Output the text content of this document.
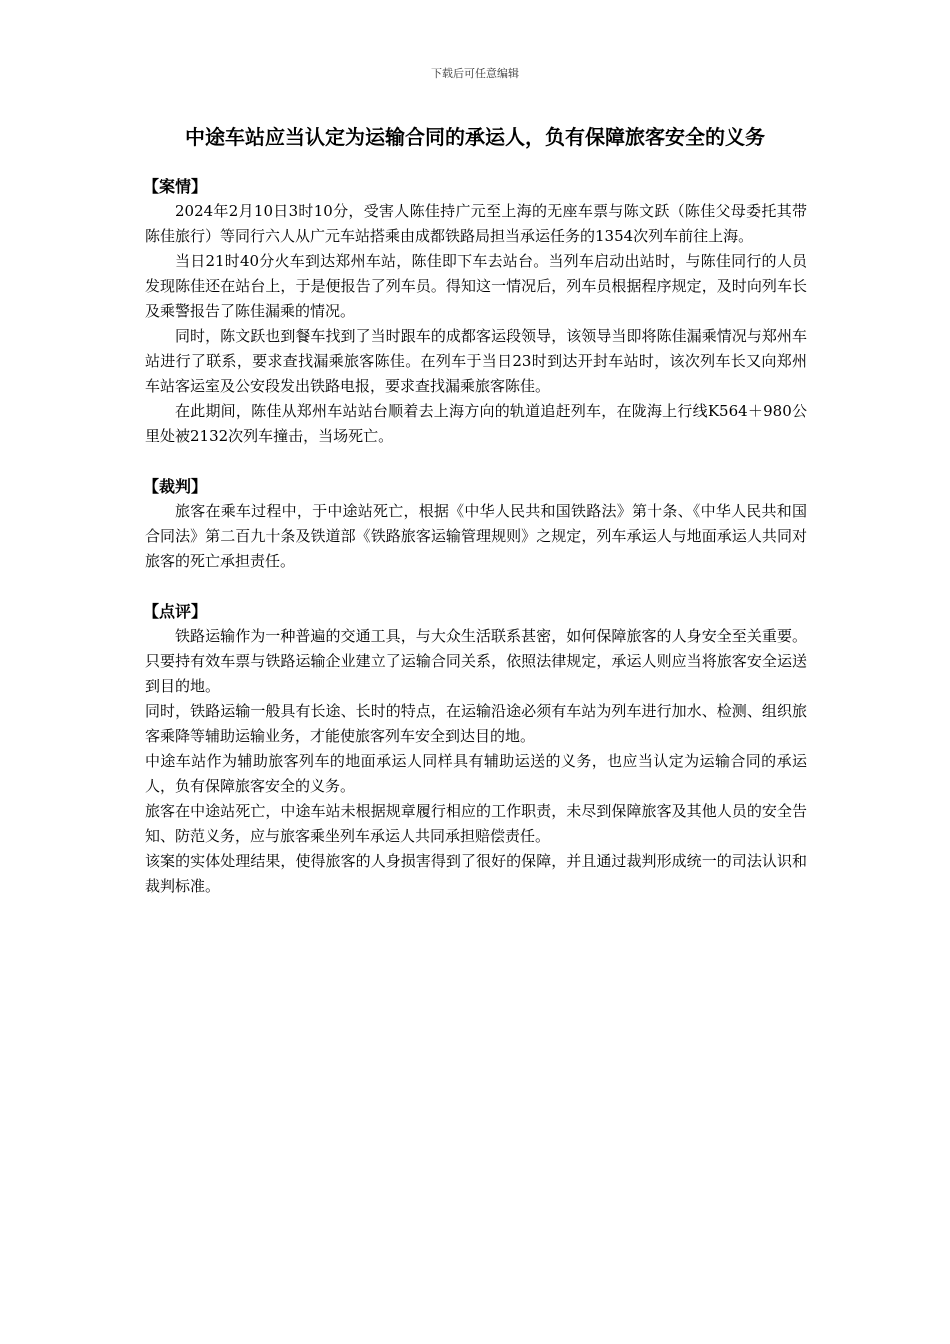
下载后可任意编辑
中途车站应当认定为运输合同的承运人，负有保障旅客安全的义务
【案情】

2024年2月10日3时10分，受害人陈佳持广元至上海的无座车票与陈文跃（陈佳父母委托其带陈佳旅行）等同行六人从广元车站搭乘由成都铁路局担当承运任务的1354次列车前往上海。

当日21时40分火车到达郑州车站，陈佳即下车去站台。当列车启动出站时，与陈佳同行的人员发现陈佳还在站台上，于是便报告了列车员。得知这一情况后，列车员根据程序规定，及时向列车长及乘警报告了陈佳漏乘的情况。

同时，陈文跃也到餐车找到了当时跟车的成都客运段领导，该领导当即将陈佳漏乘情况与郑州车站进行了联系，要求查找漏乘旅客陈佳。在列车于当日23时到达开封车站时，该次列车长又向郑州车站客运室及公安段发出铁路电报，要求查找漏乘旅客陈佳。

在此期间，陈佳从郑州车站站台顺着去上海方向的轨道追赶列车，在陇海上行线K564＋980公里处被2132次列车撞击，当场死亡。

【裁判】

旅客在乘车过程中，于中途站死亡，根据《中华人民共和国铁路法》第十条、《中华人民共和国合同法》第二百九十条及铁道部《铁路旅客运输管理规则》之规定，列车承运人与地面承运人共同对旅客的死亡承担责任。

【点评】

铁路运输作为一种普遍的交通工具，与大众生活联系甚密，如何保障旅客的人身安全至关重要。只要持有效车票与铁路运输企业建立了运输合同关系，依照法律规定，承运人则应当将旅客安全运送到目的地。

同时，铁路运输一般具有长途、长时的特点，在运输沿途必须有车站为列车进行加水、检测、组织旅客乘降等辅助运输业务，才能使旅客列车安全到达目的地。

中途车站作为辅助旅客列车的地面承运人同样具有辅助运送的义务，也应当认定为运输合同的承运人，负有保障旅客安全的义务。

旅客在中途站死亡，中途车站未根据规章履行相应的工作职责，未尽到保障旅客及其他人员的安全告知、防范义务，应与旅客乘坐列车承运人共同承担赔偿责任。

该案的实体处理结果，使得旅客的人身损害得到了很好的保障，并且通过裁判形成统一的司法认识和裁判标准。
